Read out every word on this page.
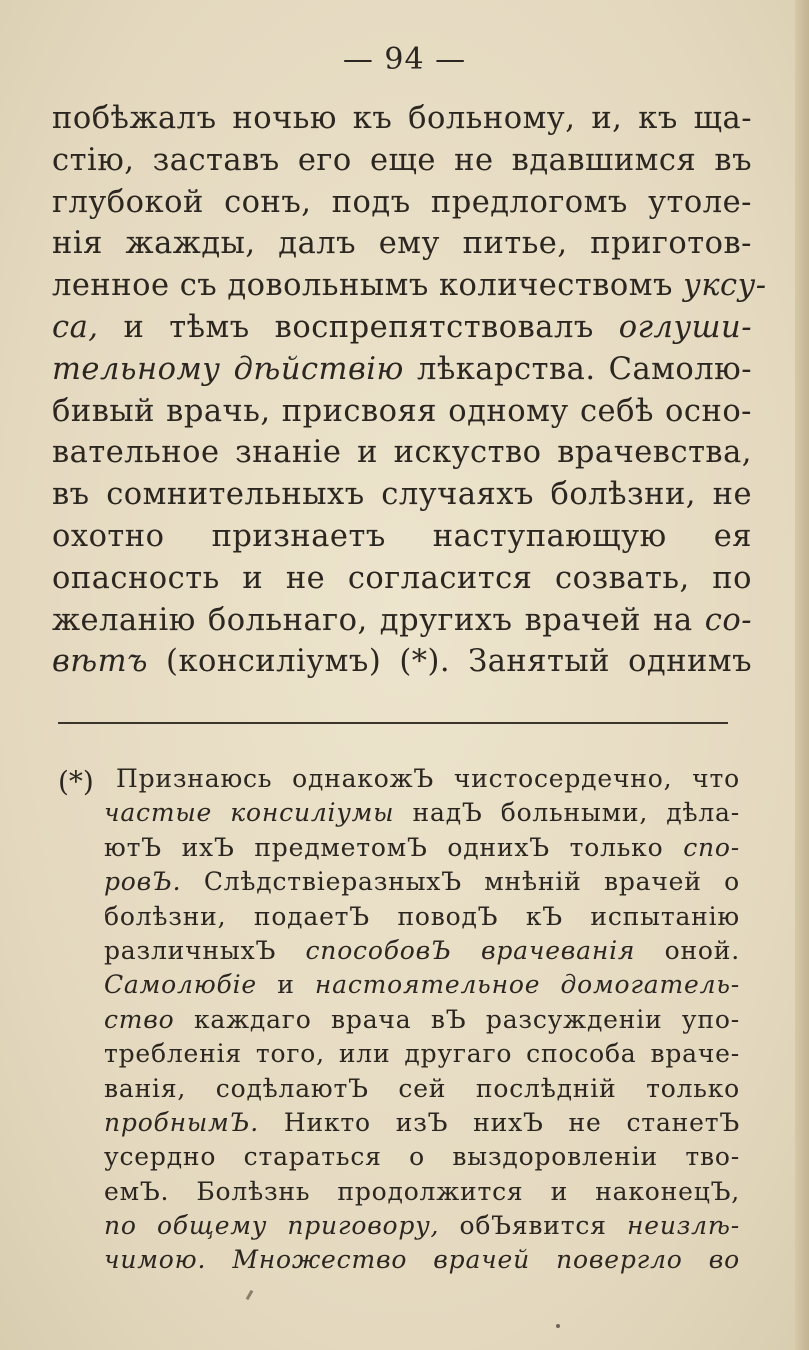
— 94 —
побѣжалъ ночью къ больному, и, къ ща-
стію, заставъ его еще не вдавшимся въ
глубокой сонъ, подъ предлогомъ утоле-
нія жажды, далъ ему питье, приготов-
ленное съ довольнымъ количествомъ укcу-
са, и тѣмъ воспрепятствовалъ оглуши-
тельному дѣйствію лѣкарства. Самолю-
бивый врачь, присвояя одному себѣ осно-
вательное знаніе и искуство врачевства,
въ сомнительныхъ случаяхъ болѣзни, не
охотно признаетъ наступающую ея
опасность и не согласится созвать, по
желанію больнаго, другихъ врачей на со-
вѣтъ (консиліумъ) (*). Занятый однимъ
(*) Признаюсь однакожЪ чистосердечно, что
частые консиліумы надЪ больными, дѣла-
ютЪ ихЪ предметомЪ однихЪ только спо-
ровЪ. СлѣдствіеразныхЪ мнѣній врачей о
болѣзни, подаетЪ поводЪ кЪ испытанію
различныхЪ способовЪ врачеванія оной.
Самолюбіе и настоятельное домогатель-
ство каждаго врача вЪ разсужденіи упо-
требленія того, или другаго способа враче-
ванія, содѣлаютЪ сей послѣдній только
пробнымЪ. Никто изЪ нихЪ не станетЪ
усердно стараться о выздоровленіи тво-
емЪ. Болѣзнь продолжится и наконецЪ,
по общему приговору, обЪявится неизлѣ-
чимою. Множество врачей повергло во
